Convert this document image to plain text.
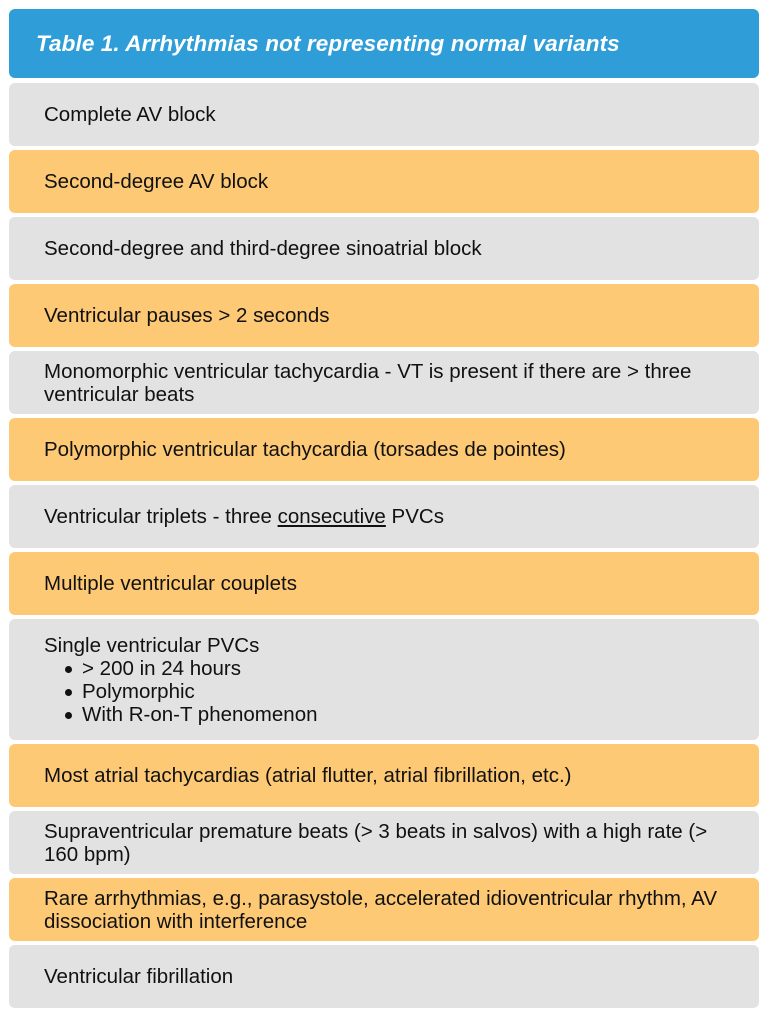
Table 1. Arrhythmias not representing normal variants
Complete AV block
Second-degree AV block
Second-degree and third-degree sinoatrial block
Ventricular pauses > 2 seconds
Monomorphic ventricular tachycardia - VT is present if there are > three ventricular beats
Polymorphic ventricular tachycardia (torsades de pointes)
Ventricular triplets - three consecutive PVCs
Multiple ventricular couplets
Single ventricular PVCs
> 200 in 24 hours
Polymorphic
With R-on-T phenomenon
Most atrial tachycardias (atrial flutter, atrial fibrillation, etc.)
Supraventricular premature beats (> 3 beats in salvos) with a high rate (> 160 bpm)
Rare arrhythmias, e.g., parasystole, accelerated idioventricular rhythm, AV dissociation with interference
Ventricular fibrillation
